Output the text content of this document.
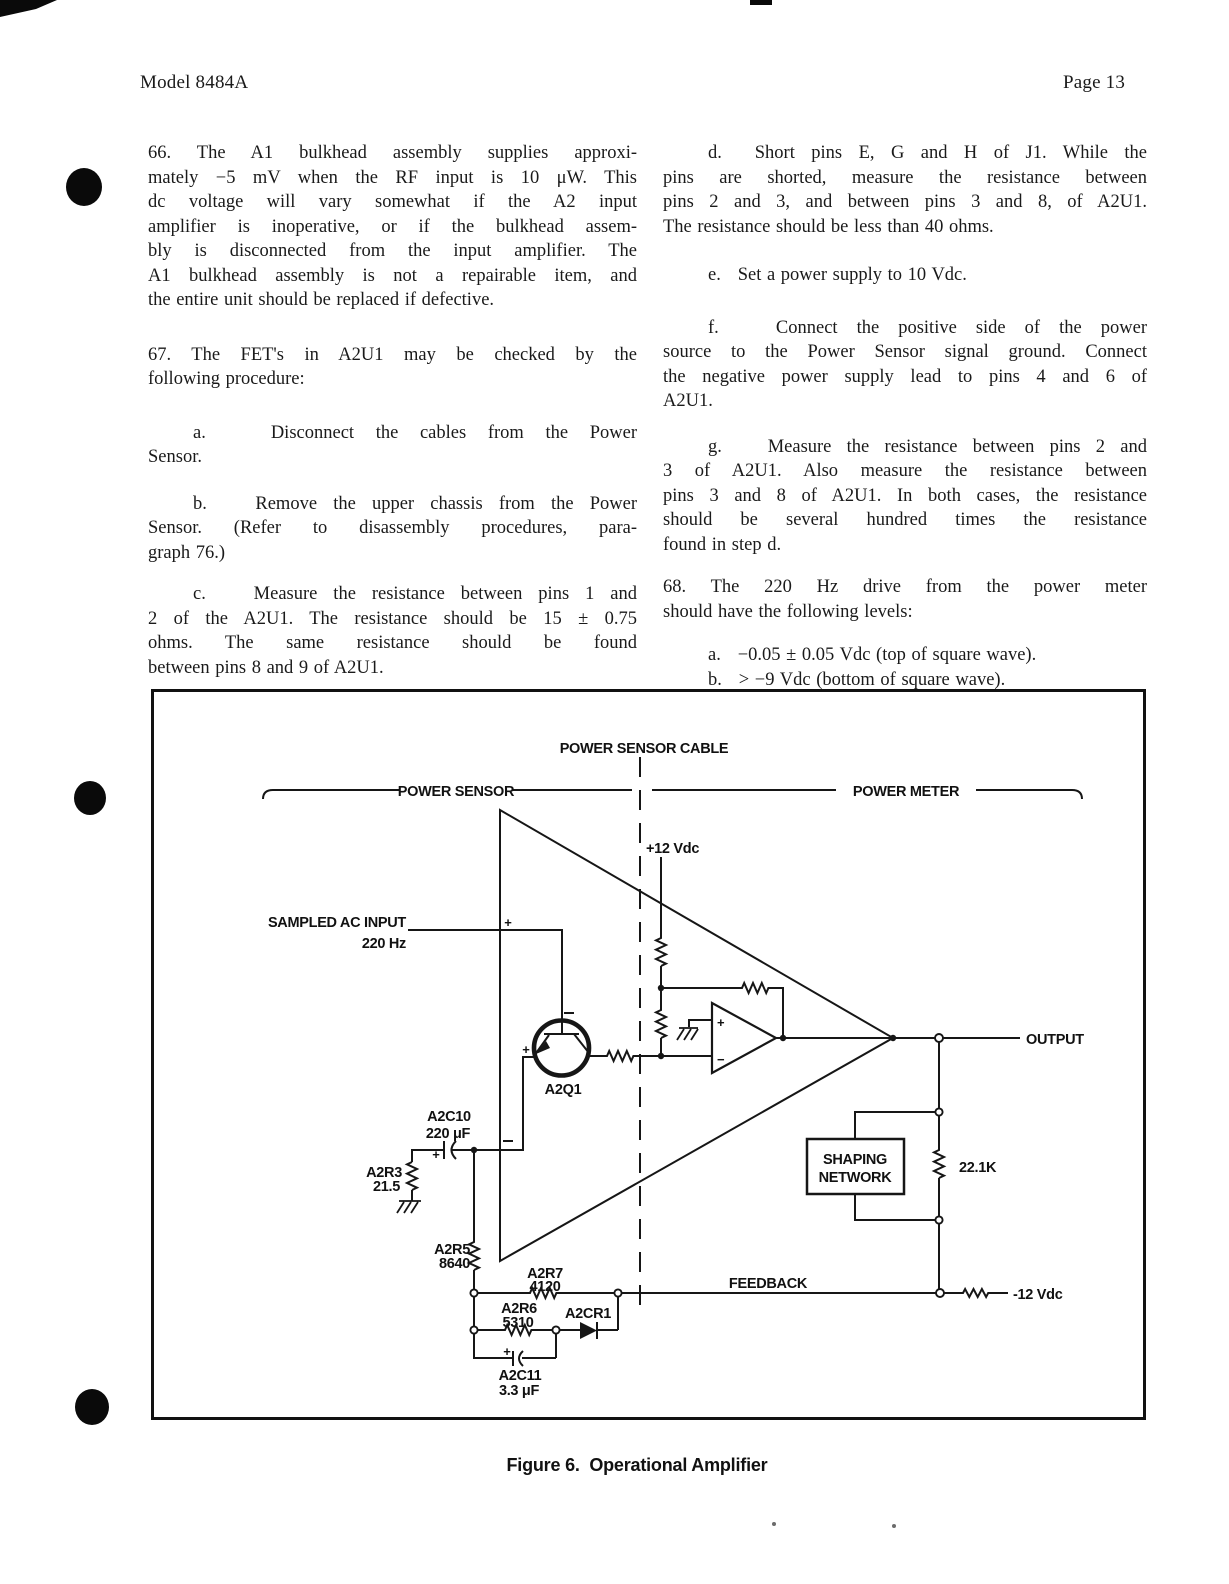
Model 8484A	Page 13
66. The A1 bulkhead assembly supplies approxi-
mately −5 mV when the RF input is 10 μW. This
dc voltage will vary somewhat if the A2 input
amplifier is inoperative, or if the bulkhead assem-
bly is disconnected from the input amplifier. The
A1 bulkhead assembly is not a repairable item, and
the entire unit should be replaced if defective.
67. The FET's in A2U1 may be checked by the
following procedure:
a.   Disconnect the cables from the Power
Sensor.
b.   Remove the upper chassis from the Power
Sensor. (Refer to disassembly procedures, para-
graph 76.)
c.   Measure the resistance between pins 1 and
2 of the A2U1. The resistance should be 15 ± 0.75
ohms. The same resistance should be found
between pins 8 and 9 of A2U1.
d.  Short pins E, G and H of J1. While the
pins are shorted, measure the resistance between
pins 2 and 3, and between pins 3 and 8, of A2U1.
The resistance should be less than 40 ohms.
e.   Set a power supply to 10 Vdc.
f.   Connect the positive side of the power
source to the Power Sensor signal ground. Connect
the negative power supply lead to pins 4 and 6 of
A2U1.
g.   Measure the resistance between pins 2 and
3 of A2U1. Also measure the resistance between
pins 3 and 8 of A2U1. In both cases, the resistance
should be several hundred times the resistance
found in step d.
68. The 220 Hz drive from the power meter
should have the following levels:
a.   −0.05 ± 0.05 Vdc (top of square wave).
b.   > −9 Vdc (bottom of square wave).
POWER SENSOR CABLE
POWER SENSOR	POWER METER
+12 Vdc
SAMPLED AC INPUT
220 Hz
A2Q1
A2C10
220 μF
A2R3
21.5
A2R5
8640
A2R7
4120
A2R6
5310
A2CR1
A2C11
3.3 μF
SHAPING
NETWORK
22.1K
OUTPUT
FEEDBACK
-12 Vdc
+
+
+
+
+
−
Figure 6.  Operational Amplifier
